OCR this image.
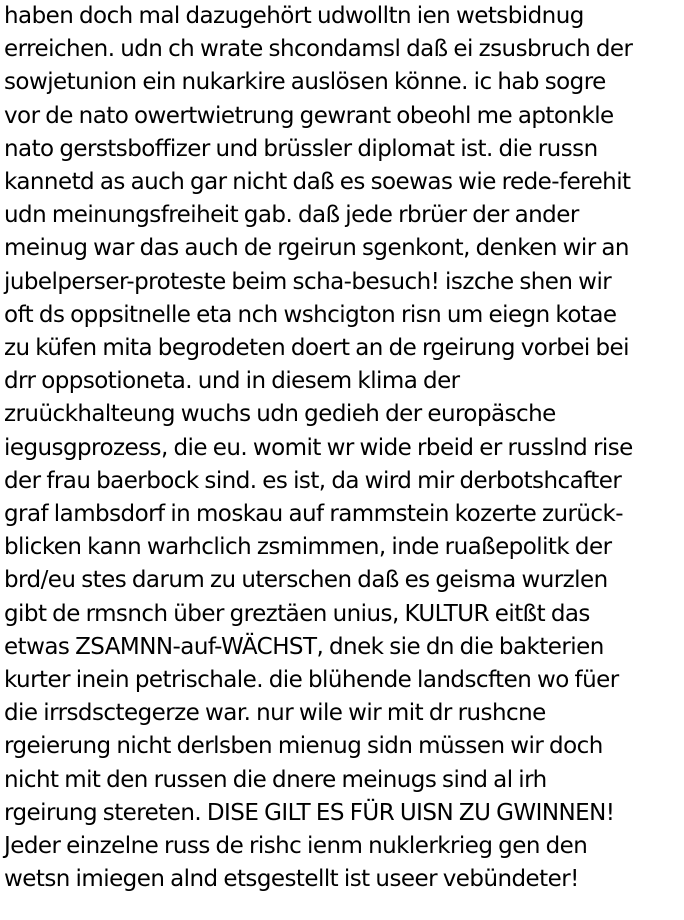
haben doch mal dazugehört udwolltn ien wetsbidnug
erreichen. udn ch wrate shcondamsl daß ei zsusbruch der
sowjetunion ein nukarkire auslösen könne. ic hab sogre
vor de nato owertwietrung gewrant obeohl me aptonkle
nato gerstsboffizer und brüssler diplomat ist. die russn
kannetd as auch gar nicht daß es soewas wie rede-ferehit
udn meinungsfreiheit gab. daß jede rbrüer der ander
meinug war das auch de rgeirun sgenkont, denken wir an
jubelperser-proteste beim scha-besuch! iszche shen wir
oft ds oppsitnelle eta nch wshcigton risn um eiegn kotae
zu küfen mita begrodeten doert an de rgeirung vorbei bei
drr oppsotioneta. und in diesem klima der
zruückhalteung wuchs udn gedieh der europäsche
iegusgprozess, die eu. womit wr wide rbeid er russlnd rise
der frau baerbock sind. es ist, da wird mir derbotshcafter
graf lambsdorf in moskau auf rammstein kozerte zurück-
blicken kann warhclich zsmimmen, inde ruaßepolitk der
brd/eu stes darum zu uterschen daß es geisma wurzlen
gibt de rmsnch über greztäen unius, KULTUR eitßt das
etwas ZSAMNN-auf-WÄCHST, dnek sie dn die bakterien
kurter inein petrischale. die blühende landscften wo füer
die irrsdsctegerze war. nur wile wir mit dr rushcne
rgeierung nicht derlsben mienug sidn müssen wir doch
nicht mit den russen die dnere meinugs sind al irh
rgeirung stereten. DISE GILT ES FÜR UISN ZU GWINNEN!
Jeder einzelne russ de rishc ienm nuklerkrieg gen den
wetsn imiegen alnd etsgestellt ist useer vebündeter!
